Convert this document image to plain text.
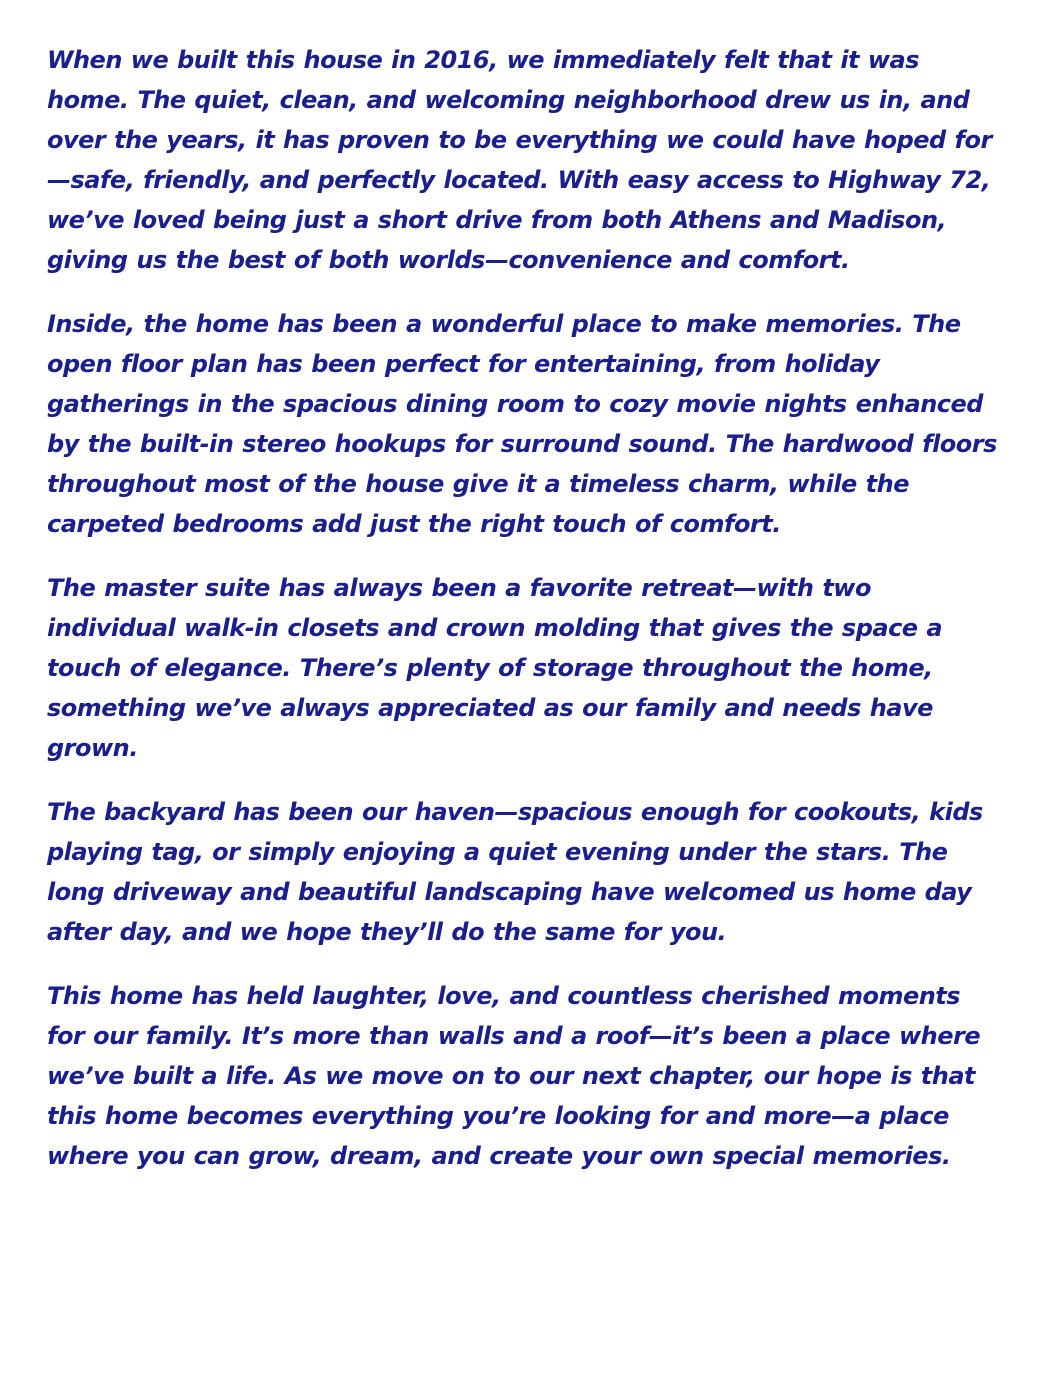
When we built this house in 2016, we immediately felt that it was home. The quiet, clean, and welcoming neighborhood drew us in, and over the years, it has proven to be everything we could have hoped for—safe, friendly, and perfectly located. With easy access to Highway 72, we’ve loved being just a short drive from both Athens and Madison, giving us the best of both worlds—convenience and comfort.

Inside, the home has been a wonderful place to make memories. The open floor plan has been perfect for entertaining, from holiday gatherings in the spacious dining room to cozy movie nights enhanced by the built-in stereo hookups for surround sound. The hardwood floors throughout most of the house give it a timeless charm, while the carpeted bedrooms add just the right touch of comfort.

The master suite has always been a favorite retreat—with two individual walk-in closets and crown molding that gives the space a touch of elegance. There’s plenty of storage throughout the home, something we’ve always appreciated as our family and needs have grown.

The backyard has been our haven—spacious enough for cookouts, kids playing tag, or simply enjoying a quiet evening under the stars. The long driveway and beautiful landscaping have welcomed us home day after day, and we hope they’ll do the same for you.

This home has held laughter, love, and countless cherished moments for our family. It’s more than walls and a roof—it’s been a place where we’ve built a life. As we move on to our next chapter, our hope is that this home becomes everything you’re looking for and more—a place where you can grow, dream, and create your own special memories.
